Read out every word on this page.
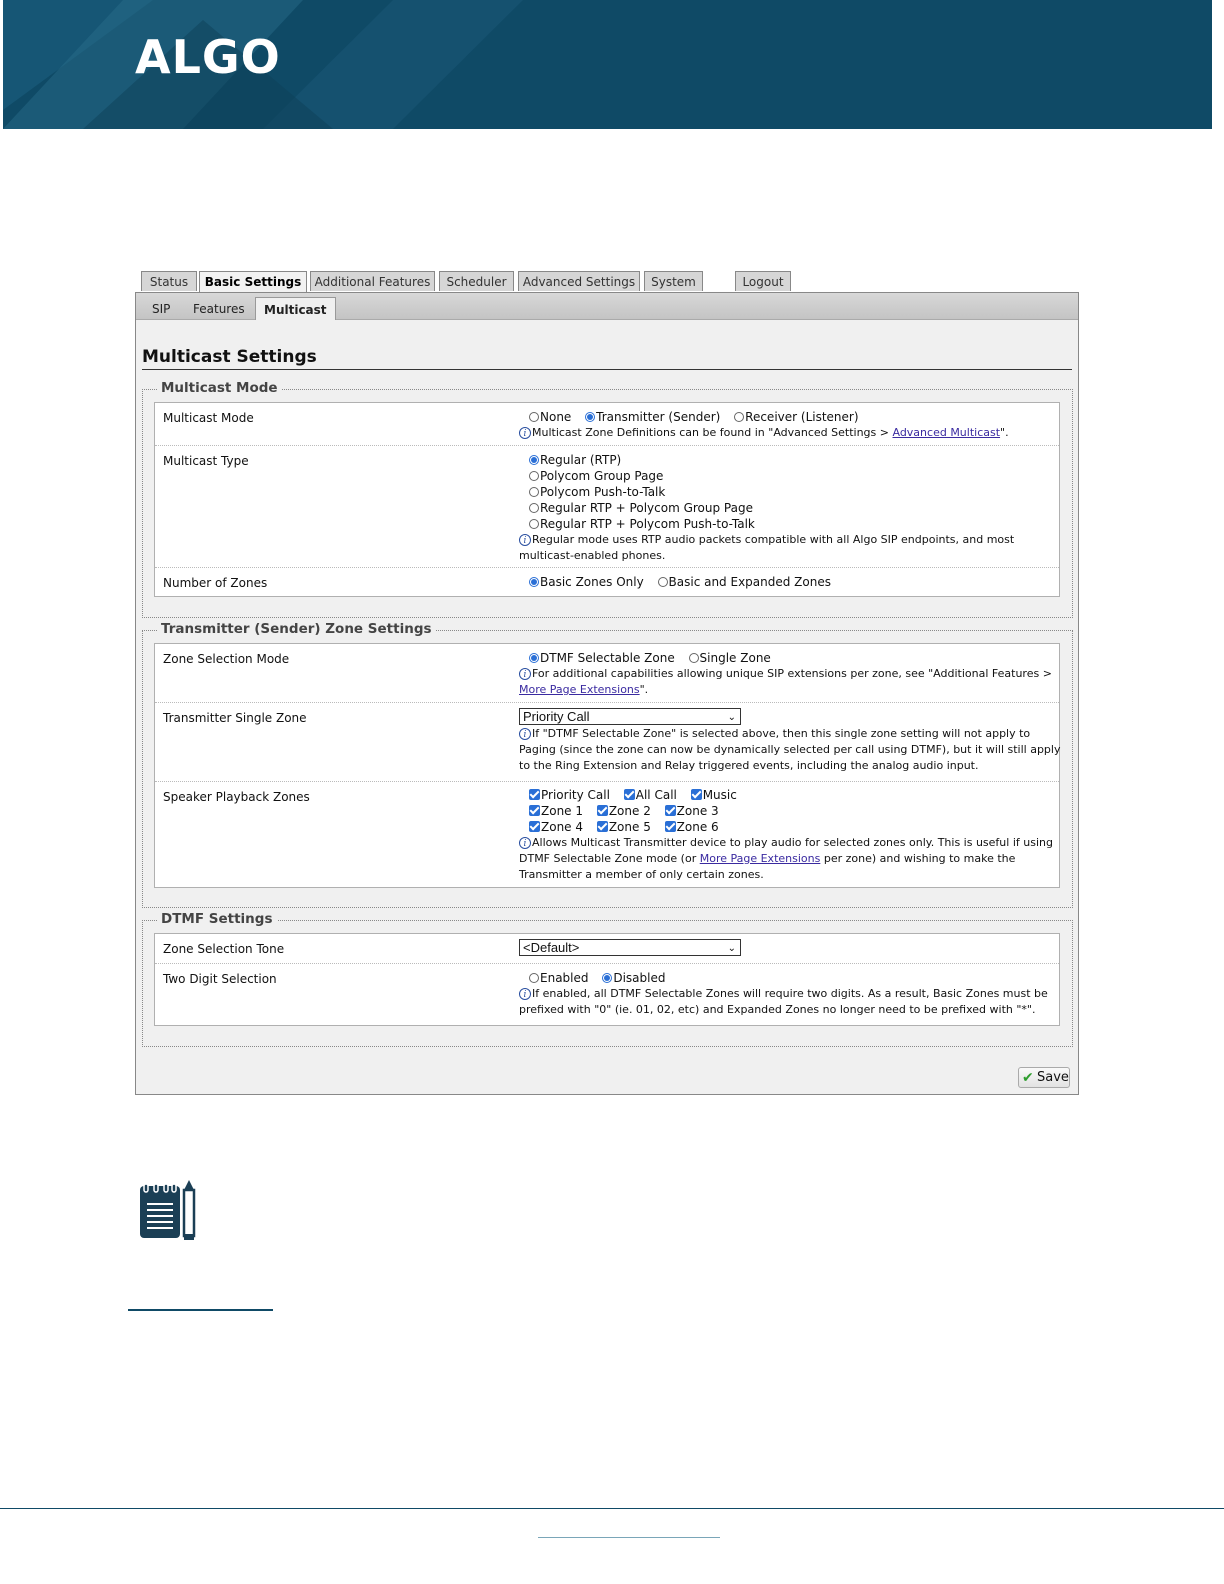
ALGO
Status	Basic Settings	Additional Features	Scheduler	Advanced Settings	System	Logout
SIP Features	Multicast
Multicast Settings
Multicast Mode
Multicast Mode	None Transmitter (Sender) Receiver (Listener)
i Multicast Zone Definitions can be found in "Advanced Settings > Advanced Multicast".
Multicast Type	Regular (RTP)
Polycom Group Page
Polycom Push-to-Talk
Regular RTP + Polycom Group Page
Regular RTP + Polycom Push-to-Talk
i Regular mode uses RTP audio packets compatible with all Algo SIP endpoints, and most
multicast-enabled phones.
Number of Zones	Basic Zones Only Basic and Expanded Zones
Transmitter (Sender) Zone Settings
Zone Selection Mode	DTMF Selectable Zone Single Zone
i For additional capabilities allowing unique SIP extensions per zone, see "Additional Features >
More Page Extensions".
Transmitter Single Zone	Priority Call	⌄
i If "DTMF Selectable Zone" is selected above, then this single zone setting will not apply to
Paging (since the zone can now be dynamically selected per call using DTMF), but it will still apply
to the Ring Extension and Relay triggered events, including the analog audio input.
Speaker Playback Zones	Priority Call All Call Music
Zone 1 Zone 2 Zone 3
Zone 4 Zone 5 Zone 6
i Allows Multicast Transmitter device to play audio for selected zones only. This is useful if using
DTMF Selectable Zone mode (or More Page Extensions per zone) and wishing to make the
Transmitter a member of only certain zones.
DTMF Settings
Zone Selection Tone	<Default>	⌄
Two Digit Selection	Enabled Disabled
i If enabled, all DTMF Selectable Zones will require two digits. As a result, Basic Zones must be
prefixed with "0" (ie. 01, 02, etc) and Expanded Zones no longer need to be prefixed with "*".
✔ Save
